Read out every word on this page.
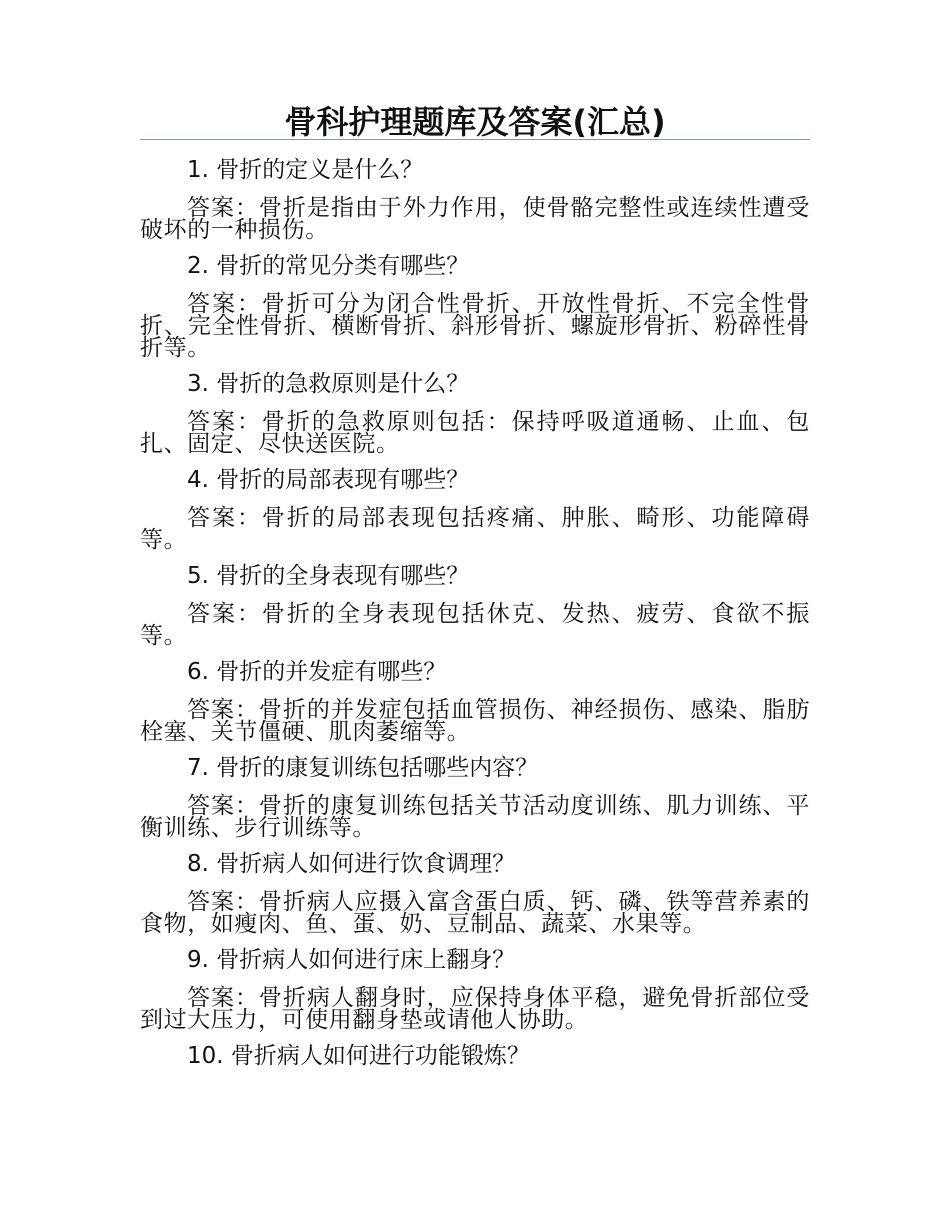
骨科护理题库及答案(汇总)

1. 骨折的定义是什么？

答案：骨折是指由于外力作用，使骨骼完整性或连续性遭受破坏的一种损伤。

2. 骨折的常见分类有哪些？

答案：骨折可分为闭合性骨折、开放性骨折、不完全性骨折、完全性骨折、横断骨折、斜形骨折、螺旋形骨折、粉碎性骨折等。

3. 骨折的急救原则是什么？

答案：骨折的急救原则包括：保持呼吸道通畅、止血、包扎、固定、尽快送医院。

4. 骨折的局部表现有哪些？

答案：骨折的局部表现包括疼痛、肿胀、畸形、功能障碍等。

5. 骨折的全身表现有哪些？

答案：骨折的全身表现包括休克、发热、疲劳、食欲不振等。

6. 骨折的并发症有哪些？

答案：骨折的并发症包括血管损伤、神经损伤、感染、脂肪栓塞、关节僵硬、肌肉萎缩等。

7. 骨折的康复训练包括哪些内容？

答案：骨折的康复训练包括关节活动度训练、肌力训练、平衡训练、步行训练等。

8. 骨折病人如何进行饮食调理？

答案：骨折病人应摄入富含蛋白质、钙、磷、铁等营养素的食物，如瘦肉、鱼、蛋、奶、豆制品、蔬菜、水果等。

9. 骨折病人如何进行床上翻身？

答案：骨折病人翻身时，应保持身体平稳，避免骨折部位受到过大压力，可使用翻身垫或请他人协助。

10. 骨折病人如何进行功能锻炼？
